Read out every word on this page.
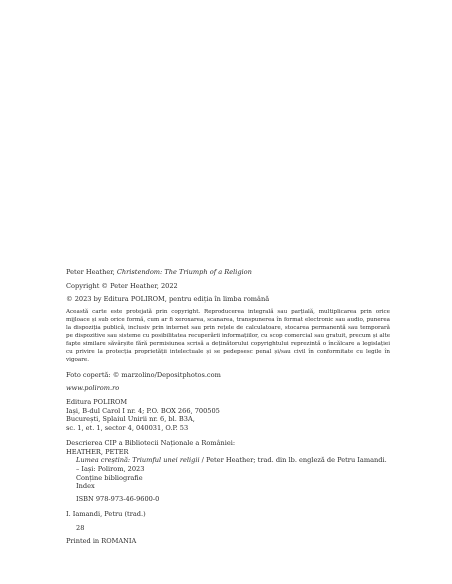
Peter Heather, Christendom: The Triumph of a Religion
Copyright © Peter Heather, 2022
© 2023 by Editura POLIROM, pentru ediția în limba română
Această carte este protejată prin copyright. Reproducerea integrală sau parțială, multiplicarea prin orice mijloace și sub orice formă, cum ar fi xeroxarea, scanarea, transpunerea în format electronic sau audio, punerea la dispoziția publică, inclusiv prin internet sau prin rețele de calculatoare, stocarea permanentă sau temporară pe dispozitive sau sisteme cu posibilitatea recuperării informațiilor, cu scop comercial sau gratuit, precum și alte fapte similare săvârșite fără permisiunea scrisă a deținătorului copyrightului reprezintă o încălcare a legislației cu privire la protecția proprietății intelectuale și se pedepsesc penal și/sau civil în conformitate cu legile în vigoare.
Foto copertă: © marzolino/Depositphotos.com
www.polirom.ro
Editura POLIROM
Iași, B-dul Carol I nr. 4; P.O. BOX 266, 700505
București, Splaiul Unirii nr. 6, bl. B3A,
sc. 1, et. 1, sector 4, 040031, O.P. 53
Descrierea CIP a Bibliotecii Naționale a României:
HEATHER, PETER
Lumea creștină: Triumful unei religii / Peter Heather; trad. din lb. engleză de Petru Iamandi. – Iași: Polirom, 2023
Conține bibliografie
Index
ISBN 978-973-46-9600-0
I. Iamandi, Petru (trad.)
28
Printed in ROMANIA
